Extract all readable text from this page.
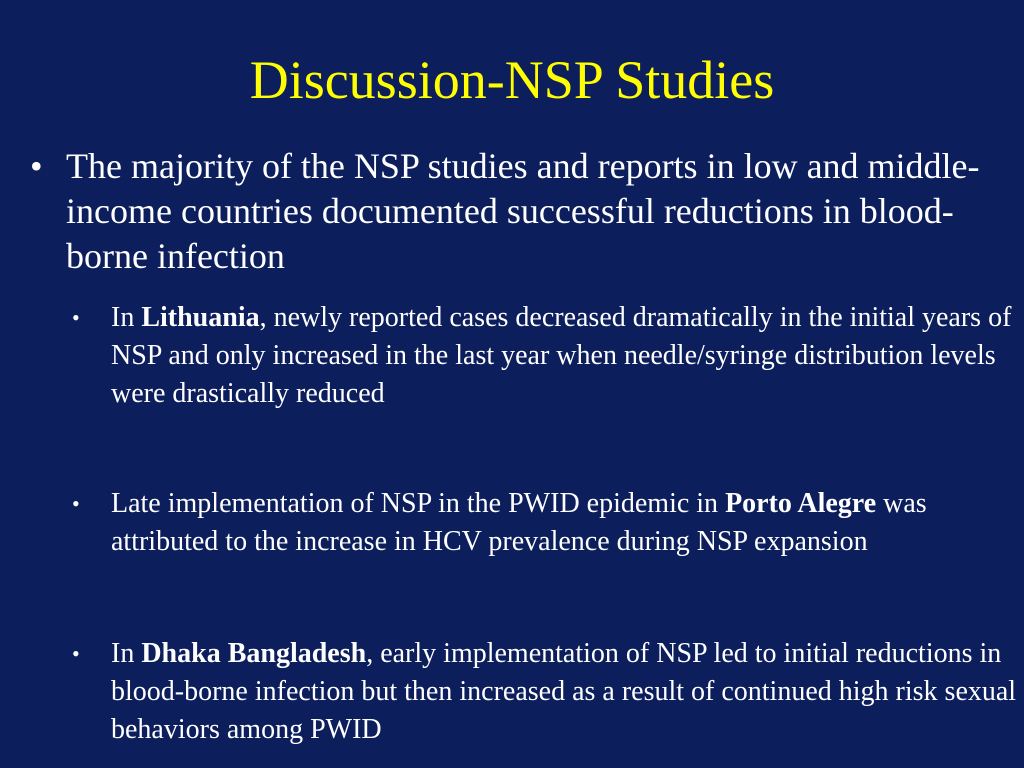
Discussion-NSP Studies
• The majority of the NSP studies and reports in low and middle-income countries documented successful reductions in blood-borne infection
• In Lithuania, newly reported cases decreased dramatically in the initial years of NSP and only increased in the last year when needle/syringe distribution levels were drastically reduced
• Late implementation of NSP in the PWID epidemic in Porto Alegre was attributed to the increase in HCV prevalence during NSP expansion
• In Dhaka Bangladesh, early implementation of NSP led to initial reductions in blood-borne infection but then increased as a result of continued high risk sexual behaviors among PWID
